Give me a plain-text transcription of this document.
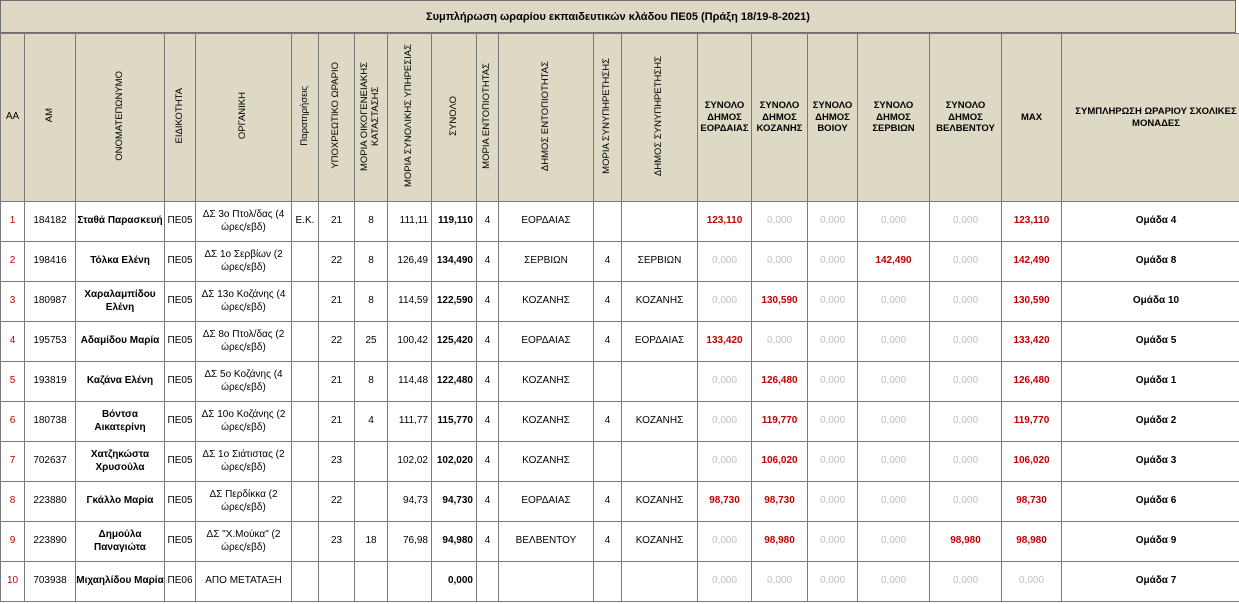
Συμπλήρωση ωραρίου εκπαιδευτικών κλάδου ΠΕ05 (Πράξη 18/19-8-2021)
ΑΑ	ΑΜ	ΟΝΟΜΑΤΕΠΩΝΥΜΟ	ΕΙΔΙΚΟΤΗΤΑ	ΟΡΓΑΝΙΚΗ	Παρατηρήσεις	ΥΠΟΧΡΕΩΤΙΚΟ ΩΡΑΡΙΟ	ΜΟΡΙΑ ΟΙΚΟΓΕΝΕΙΑΚΗΣ ΚΑΤΑΣΤΑΣΗΣ	ΜΟΡΙΑ ΣΥΝΟΛΙΚΗΣ ΥΠΗΡΕΣΙΑΣ	ΣΥΝΟΛΟ	ΜΟΡΙΑ ΕΝΤΟΠΙΟΤΗΤΑΣ	ΔΗΜΟΣ ΕΝΤΟΠΙΟΤΗΤΑΣ	ΜΟΡΙΑ ΣΥΝΥΠΗΡΕΤΗΣΗΣ	ΔΗΜΟΣ ΣΥΝΥΠΗΡΕΤΗΣΗΣ	ΣΥΝΟΛΟ ΔΗΜΟΣ ΕΟΡΔΑΙΑΣ	ΣΥΝΟΛΟ ΔΗΜΟΣ ΚΟΖΑΝΗΣ	ΣΥΝΟΛΟ ΔΗΜΟΣ ΒΟΙΟΥ	ΣΥΝΟΛΟ ΔΗΜΟΣ ΣΕΡΒΙΩΝ	ΣΥΝΟΛΟ ΔΗΜΟΣ ΒΕΛΒΕΝΤΟΥ	MAX	ΣΥΜΠΛΗΡΩΣΗ ΩΡΑΡΙΟΥ ΣΧΟΛΙΚΕΣ ΜΟΝΑΔΕΣ
1	184182	Σταθά Παρασκευή	ΠΕ05	ΔΣ 3ο Πτολ/δας (4 ώρες/εβδ)	Ε.Κ.	21	8	111,11	119,110	4	ΕΟΡΔΑΙΑΣ			123,110	0,000	0,000	0,000	0,000	123,110	Ομάδα 4
2	198416	Τόλκα Ελένη	ΠΕ05	ΔΣ 1ο Σερβίων (2 ώρες/εβδ)		22	8	126,49	134,490	4	ΣΕΡΒΙΩΝ	4	ΣΕΡΒΙΩΝ	0,000	0,000	0,000	142,490	0,000	142,490	Ομάδα 8
3	180987	Χαραλαμπίδου Ελένη	ΠΕ05	ΔΣ 13ο Κοζάνης (4 ώρες/εβδ)		21	8	114,59	122,590	4	ΚΟΖΑΝΗΣ	4	ΚΟΖΑΝΗΣ	0,000	130,590	0,000	0,000	0,000	130,590	Ομάδα 10
4	195753	Αδαμίδου Μαρία	ΠΕ05	ΔΣ 8ο Πτολ/δας (2 ώρες/εβδ)		22	25	100,42	125,420	4	ΕΟΡΔΑΙΑΣ	4	ΕΟΡΔΑΙΑΣ	133,420	0,000	0,000	0,000	0,000	133,420	Ομάδα 5
5	193819	Καζάνα Ελένη	ΠΕ05	ΔΣ 5ο Κοζάνης (4 ώρες/εβδ)		21	8	114,48	122,480	4	ΚΟΖΑΝΗΣ			0,000	126,480	0,000	0,000	0,000	126,480	Ομάδα 1
6	180738	Βόντσα Αικατερίνη	ΠΕ05	ΔΣ 10ο Κοζάνης (2 ώρες/εβδ)		21	4	111,77	115,770	4	ΚΟΖΑΝΗΣ	4	ΚΟΖΑΝΗΣ	0,000	119,770	0,000	0,000	0,000	119,770	Ομάδα 2
7	702637	Χατζηκώστα Χρυσούλα	ΠΕ05	ΔΣ 1ο Σιάτιστας (2 ώρες/εβδ)		23		102,02	102,020	4	ΚΟΖΑΝΗΣ			0,000	106,020	0,000	0,000	0,000	106,020	Ομάδα 3
8	223880	Γκάλλο Μαρία	ΠΕ05	ΔΣ Περδίκκα (2 ώρες/εβδ)		22		94,73	94,730	4	ΕΟΡΔΑΙΑΣ	4	ΚΟΖΑΝΗΣ	98,730	98,730	0,000	0,000	0,000	98,730	Ομάδα 6
9	223890	Δημούλα Παναγιώτα	ΠΕ05	ΔΣ "Χ.Μούκα" (2 ώρες/εβδ)		23	18	76,98	94,980	4	ΒΕΛΒΕΝΤΟΥ	4	ΚΟΖΑΝΗΣ	0,000	98,980	0,000	0,000	98,980	98,980	Ομάδα 9
10	703938	Μιχαηλίδου Μαρία	ΠΕ06	ΑΠΟ ΜΕΤΑΤΑΞΗ					0,000					0,000	0,000	0,000	0,000	0,000	0,000	Ομάδα 7
